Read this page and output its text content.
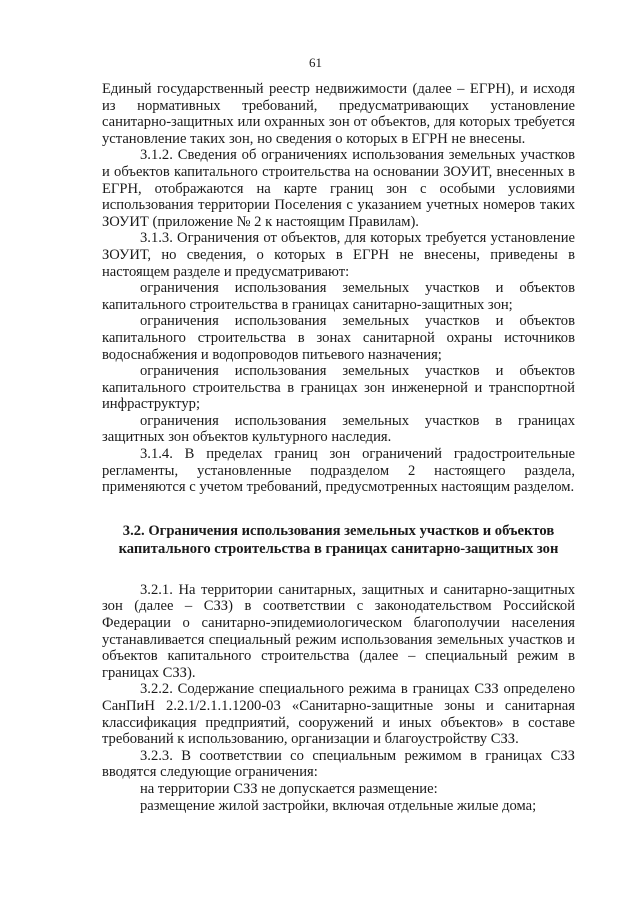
61

Единый государственный реестр недвижимости (далее – ЕГРН), и исходя из нормативных требований, предусматривающих установление санитарно-защитных или охранных зон от объектов, для которых требуется установление таких зон, но сведения о которых в ЕГРН не внесены.

3.1.2. Сведения об ограничениях использования земельных участков и объектов капитального строительства на основании ЗОУИТ, внесенных в ЕГРН, отображаются на карте границ зон с особыми условиями использования территории Поселения с указанием учетных номеров таких ЗОУИТ (приложение № 2 к настоящим Правилам).

3.1.3. Ограничения от объектов, для которых требуется установление ЗОУИТ, но сведения, о которых в ЕГРН не внесены, приведены в настоящем разделе и предусматривают:

ограничения использования земельных участков и объектов капитального строительства в границах санитарно-защитных зон;

ограничения использования земельных участков и объектов капитального строительства в зонах санитарной охраны источников водоснабжения и водопроводов питьевого назначения;

ограничения использования земельных участков и объектов капитального строительства в границах зон инженерной и транспортной инфраструктур;

ограничения использования земельных участков в границах защитных зон объектов культурного наследия.

3.1.4. В пределах границ зон ограничений градостроительные регламенты, установленные подразделом 2 настоящего раздела, применяются с учетом требований, предусмотренных настоящим разделом.

3.2. Ограничения использования земельных участков и объектов капитального строительства в границах санитарно-защитных зон

3.2.1. На территории санитарных, защитных и санитарно-защитных зон (далее – СЗЗ) в соответствии с законодательством Российской Федерации о санитарно-эпидемиологическом благополучии населения устанавливается специальный режим использования земельных участков и объектов капитального строительства (далее – специальный режим в границах СЗЗ).

3.2.2. Содержание специального режима в границах СЗЗ определено СанПиН 2.2.1/2.1.1.1200-03 «Санитарно-защитные зоны и санитарная классификация предприятий, сооружений и иных объектов» в составе требований к использованию, организации и благоустройству СЗЗ.

3.2.3. В соответствии со специальным режимом в границах СЗЗ вводятся следующие ограничения:

на территории СЗЗ не допускается размещение:

размещение жилой застройки, включая отдельные жилые дома;
